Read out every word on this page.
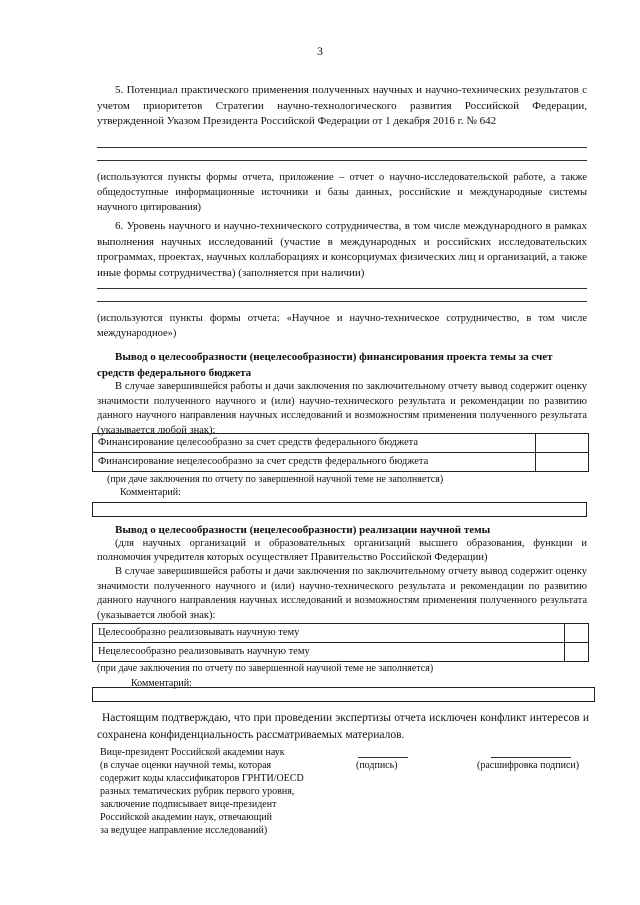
3
5. Потенциал практического применения полученных научных и научно-технических результатов с учетом приоритетов Стратегии научно-технологического развития Российской Федерации, утвержденной Указом Президента Российской Федерации от 1 декабря 2016 г. № 642
(используются пункты формы отчета, приложение – отчет о научно-исследовательской работе, а также общедоступные информационные источники и базы данных, российские и международные системы научного цитирования)
6. Уровень научного и научно-технического сотрудничества, в том числе международного в рамках выполнения научных исследований (участие в международных и российских исследовательских программах, проектах, научных коллаборациях и консорциумах физических лиц и организаций, а также иные формы сотрудничества) (заполняется при наличии)
(используются пункты формы отчета: «Научное и научно-техническое сотрудничество, в том числе международное»)
Вывод о целесообразности (нецелесообразности) финансирования проекта темы за счет средств федерального бюджета
В случае завершившейся работы и дачи заключения по заключительному отчету вывод содержит оценку значимости полученного научного и (или) научно-технического результата и рекомендации по развитию данного научного направления научных исследований и возможностям применения полученного результата (указывается любой знак):
Финансирование целесообразно за счет средств федерального бюджета
Финансирование нецелесообразно за счет средств федерального бюджета
(при даче заключения по отчету по завершенной научной теме не заполняется)
Комментарий:
Вывод о целесообразности (нецелесообразности) реализации научной темы
(для научных организаций и образовательных организаций высшего образования, функции и полномочия учредителя которых осуществляет Правительство Российской Федерации)
В случае завершившейся работы и дачи заключения по заключительному отчету вывод содержит оценку значимости полученного научного и (или) научно-технического результата и рекомендации по развитию данного научного направления научных исследований и возможностям применения полученного результата (указывается любой знак):
Целесообразно реализовывать научную тему
Нецелесообразно реализовывать научную тему
(при даче заключения по отчету по завершенной научной теме не заполняется)
Комментарий:
Настоящим подтверждаю, что при проведении экспертизы отчета исключен конфликт интересов и сохранена конфиденциальность рассматриваемых материалов.
Вице-президент Российской академии наук
(в случае оценки научной темы, которая
содержит коды классификаторов ГРНТИ/OECD
разных тематических рубрик первого уровня,
заключение подписывает вице-президент
Российской академии наук, отвечающий
за ведущее направление исследований)
(подпись)	(расшифровка подписи)
